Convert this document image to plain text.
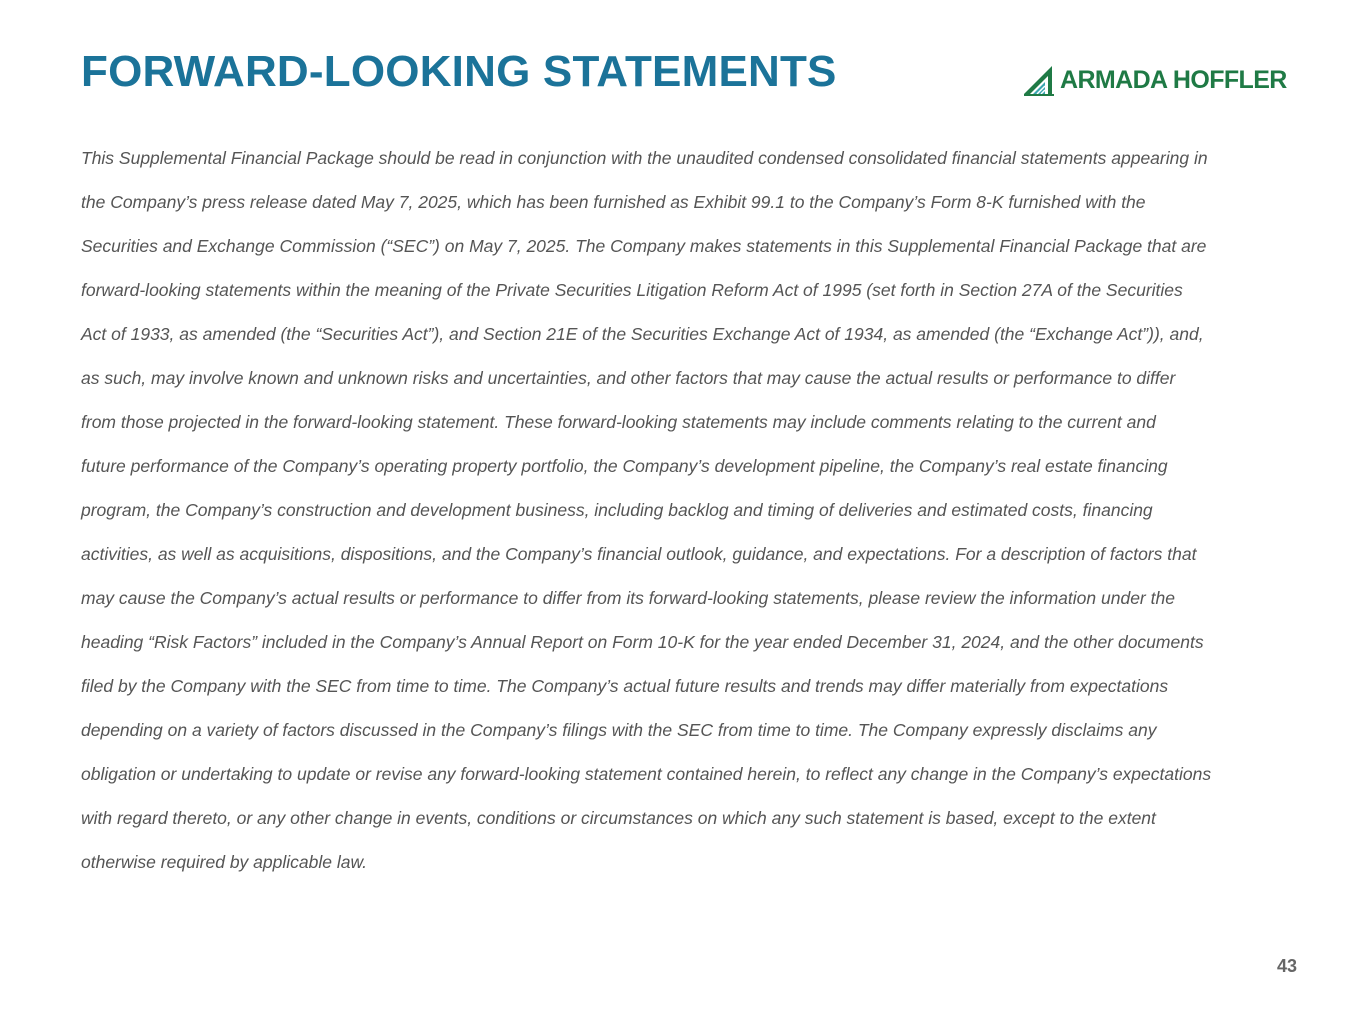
FORWARD-LOOKING STATEMENTS	ARMADA HOFFLER
This Supplemental Financial Package should be read in conjunction with the unaudited condensed consolidated financial statements appearing in
the Company’s press release dated May 7, 2025, which has been furnished as Exhibit 99.1 to the Company’s Form 8-K furnished with the
Securities and Exchange Commission (“SEC”) on May 7, 2025. The Company makes statements in this Supplemental Financial Package that are
forward-looking statements within the meaning of the Private Securities Litigation Reform Act of 1995 (set forth in Section 27A of the Securities
Act of 1933, as amended (the “Securities Act”), and Section 21E of the Securities Exchange Act of 1934, as amended (the “Exchange Act”)), and,
as such, may involve known and unknown risks and uncertainties, and other factors that may cause the actual results or performance to differ
from those projected in the forward-looking statement. These forward-looking statements may include comments relating to the current and
future performance of the Company’s operating property portfolio, the Company’s development pipeline, the Company’s real estate financing
program, the Company’s construction and development business, including backlog and timing of deliveries and estimated costs, financing
activities, as well as acquisitions, dispositions, and the Company’s financial outlook, guidance, and expectations. For a description of factors that
may cause the Company’s actual results or performance to differ from its forward-looking statements, please review the information under the
heading “Risk Factors” included in the Company’s Annual Report on Form 10-K for the year ended December 31, 2024, and the other documents
filed by the Company with the SEC from time to time. The Company’s actual future results and trends may differ materially from expectations
depending on a variety of factors discussed in the Company’s filings with the SEC from time to time. The Company expressly disclaims any
obligation or undertaking to update or revise any forward-looking statement contained herein, to reflect any change in the Company’s expectations
with regard thereto, or any other change in events, conditions or circumstances on which any such statement is based, except to the extent
otherwise required by applicable law.
43
